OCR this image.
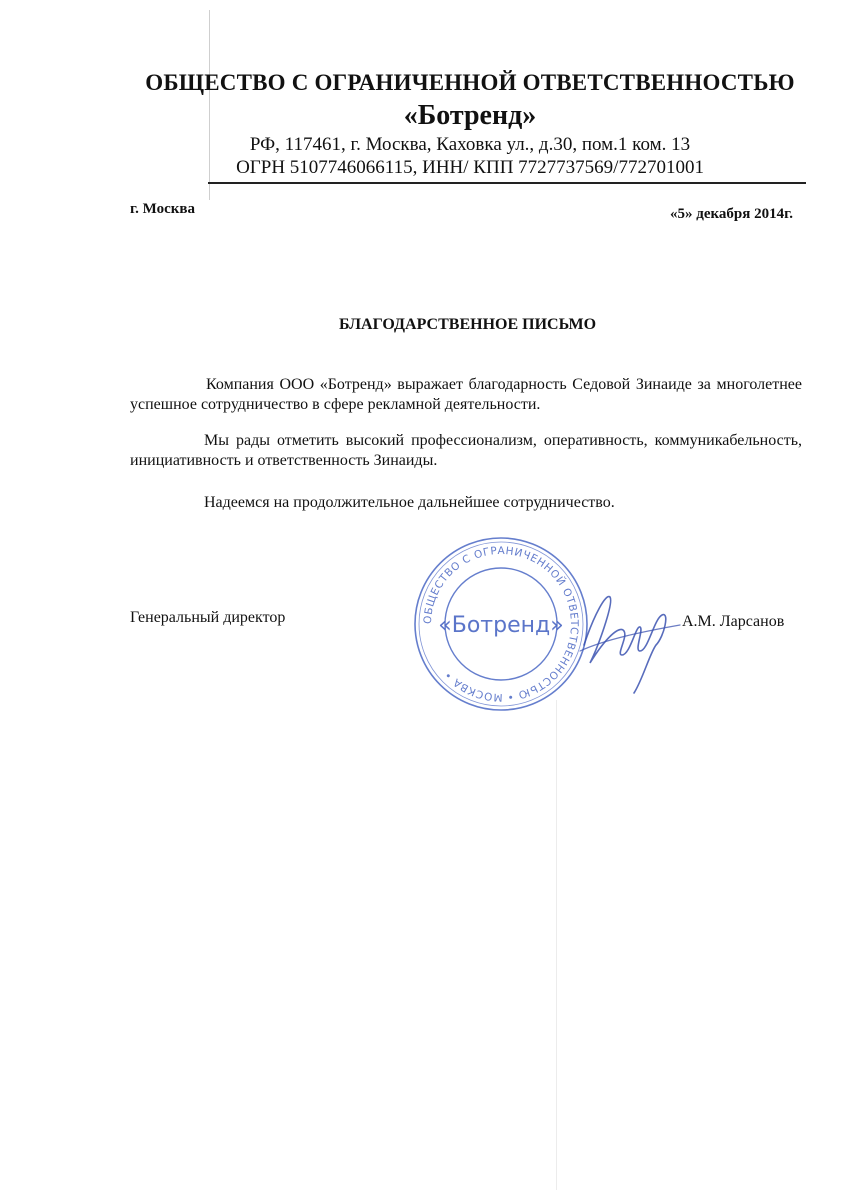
ОБЩЕСТВО С ОГРАНИЧЕННОЙ ОТВЕТСТВЕННОСТЬЮ
«Ботренд»
РФ, 117461, г. Москва, Каховка ул., д.30, пом.1 ком. 13
ОГРН 5107746066115, ИНН/ КПП 7727737569/772701001
г. Москва	«5» декабря 2014г.
БЛАГОДАРСТВЕННОЕ ПИСЬМО
Компания ООО «Ботренд» выражает благодарность Седовой Зинаиде за многолетнее успешное сотрудничество в сфере рекламной деятельности.
Мы рады отметить высокий профессионализм, оперативность, коммуникабельность, инициативность и ответственность Зинаиды.
Надеемся на продолжительное дальнейшее сотрудничество.
Генеральный директор	А.М. Ларсанов
ОБЩЕСТВО С ОГРАНИЧЕННОЙ ОТВЕТСТВЕННОСТЬЮ • МОСКВА •
«Ботренд»
